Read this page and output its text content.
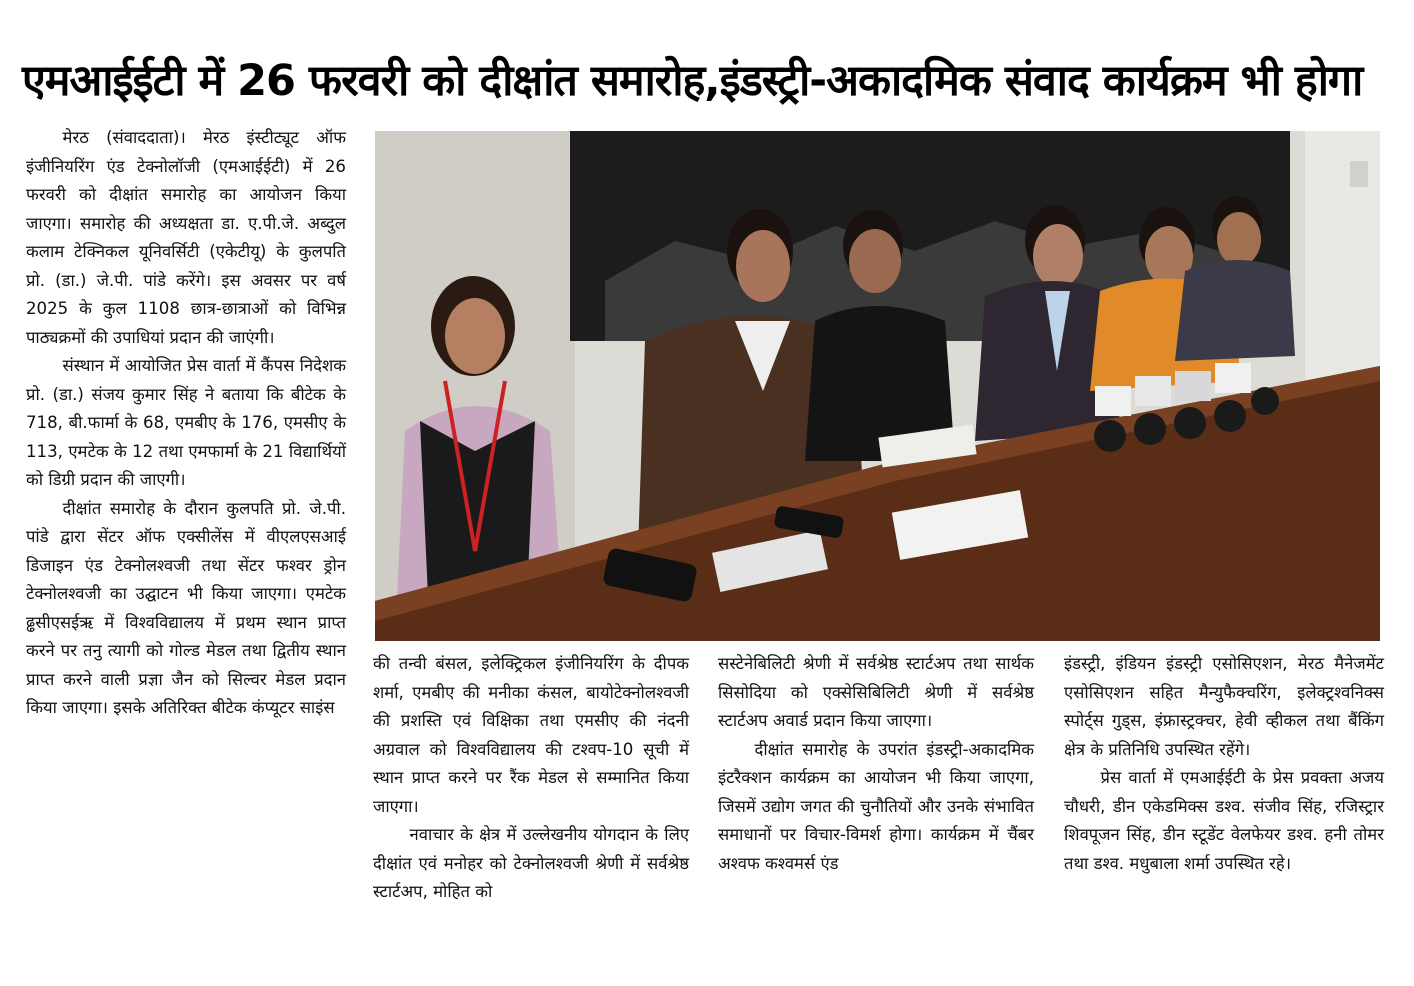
एमआईईटी में 26 फरवरी को दीक्षांत समारोह,इंडस्ट्री-अकादमिक संवाद कार्यक्रम भी होगा

मेरठ (संवाददाता)। मेरठ इंस्टीट्यूट ऑफ इंजीनियरिंग एंड टेक्नोलॉजी (एमआईईटी) में 26 फरवरी को दीक्षांत समारोह का आयोजन किया जाएगा। समारोह की अध्यक्षता डा. ए.पी.जे. अब्दुल कलाम टेक्निकल यूनिवर्सिटी (एकेटीयू) के कुलपति प्रो. (डा.) जे.पी. पांडे करेंगे। इस अवसर पर वर्ष 2025 के कुल 1108 छात्र-छात्राओं को विभिन्न पाठ्यक्रमों की उपाधियां प्रदान की जाएंगी।

संस्थान में आयोजित प्रेस वार्ता में कैंपस निदेशक प्रो. (डा.) संजय कुमार सिंह ने बताया कि बीटेक के 718, बी.फार्मा के 68, एमबीए के 176, एमसीए के 113, एमटेक के 12 तथा एमफार्मा के 21 विद्यार्थियों को डिग्री प्रदान की जाएगी।

दीक्षांत समारोह के दौरान कुलपति प्रो. जे.पी. पांडे द्वारा सेंटर ऑफ एक्सीलेंस में वीएलएसआई डिजाइन एंड टेक्नोलश्वजी तथा सेंटर फश्वर ड्रोन टेक्नोलश्वजी का उद्घाटन भी किया जाएगा। एमटेक ढ्ढसीएसईऋ में विश्वविद्यालय में प्रथम स्थान प्राप्त करने पर तनु त्यागी को गोल्ड मेडल तथा द्वितीय स्थान प्राप्त करने वाली प्रज्ञा जैन को सिल्वर मेडल प्रदान किया जाएगा। इसके अतिरिक्त बीटेक कंप्यूटर साइंस

की तन्वी बंसल, इलेक्ट्रिकल इंजीनियरिंग के दीपक शर्मा, एमबीए की मनीका कंसल, बायोटेक्नोलश्वजी की प्रशस्ति एवं विक्षिका तथा एमसीए की नंदनी अग्रवाल को विश्वविद्यालय की टश्वप-10 सूची में स्थान प्राप्त करने पर रैंक मेडल से सम्मानित किया जाएगा।

नवाचार के क्षेत्र में उल्लेखनीय योगदान के लिए दीक्षांत एवं मनोहर को टेक्नोलश्वजी श्रेणी में सर्वश्रेष्ठ स्टार्टअप, मोहित को

सस्टेनेबिलिटी श्रेणी में सर्वश्रेष्ठ स्टार्टअप तथा सार्थक सिसोदिया को एक्सेसिबिलिटी श्रेणी में सर्वश्रेष्ठ स्टार्टअप अवार्ड प्रदान किया जाएगा।

दीक्षांत समारोह के उपरांत इंडस्ट्री-अकादमिक इंटरैक्शन कार्यक्रम का आयोजन भी किया जाएगा, जिसमें उद्योग जगत की चुनौतियों और उनके संभावित समाधानों पर विचार-विमर्श होगा। कार्यक्रम में चैंबर अश्वफ कश्वमर्स एंड

इंडस्ट्री, इंडियन इंडस्ट्री एसोसिएशन, मेरठ मैनेजमेंट एसोसिएशन सहित मैन्युफैक्चरिंग, इलेक्ट्रश्वनिक्स स्पोर्ट्स गुड्स, इंफ्रास्ट्रक्चर, हेवी व्हीकल तथा बैंकिंग क्षेत्र के प्रतिनिधि उपस्थित रहेंगे।

प्रेस वार्ता में एमआईईटी के प्रेस प्रवक्ता अजय चौधरी, डीन एकेडमिक्स डश्व. संजीव सिंह, रजिस्ट्रार शिवपूजन सिंह, डीन स्टूडेंट वेलफेयर डश्व. हनी तोमर तथा डश्व. मधुबाला शर्मा उपस्थित रहे।
